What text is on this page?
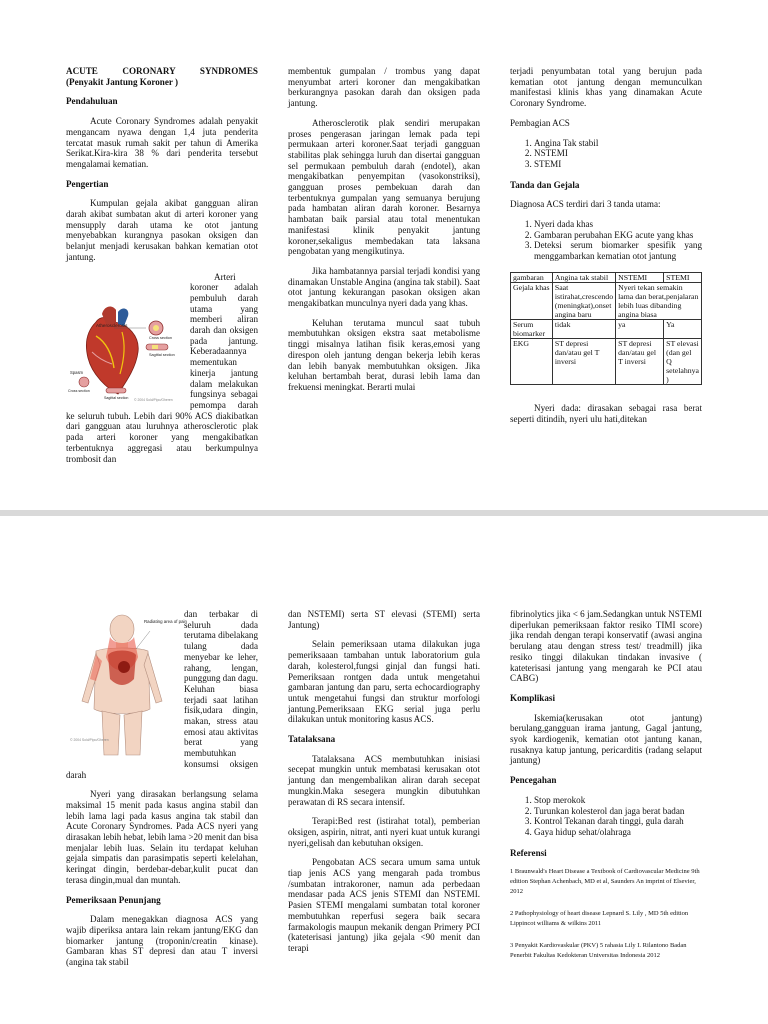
ACUTE CORONARY SYNDROMES
(Penyakit Jantung Koroner )
Pendahuluan

Acute Coronary Syndromes adalah penyakit mengancam nyawa dengan 1,4 juta penderita tercatat masuk rumah sakit per tahun di Amerika Serikat.Kira-kira 38 % dari penderita tersebut mengalamai kematian.

Pengertian

Kumpulan gejala akibat gangguan aliran darah akibat sumbatan akut di arteri koroner yang mensupply darah utama ke otot jantung menyebabkan kurangnya pasokan oksigen dan belanjut menjadi kerusakan bahkan kematian otot jantung.

Atherosclerosis
Cross section
Sagittal section
Spasm
Cross section
Sagittal section © 2004 Sold/Pipo/Gheren

Arteri koroner adalah pembuluh darah utama yang memberi aliran darah dan oksigen pada jantung. Keberadaannya mementukan kinerja jantung dalam melakukan fungsinya sebagai pemompa darah ke seluruh tubuh. Lebih dari 90% ACS diakibatkan dari gangguan atau luruhnya atherosclerotic plak pada arteri koroner yang mengakibatkan terbentuknya aggregasi atau berkumpulnya trombosit dan

membentuk gumpalan / trombus yang dapat menyumbat arteri koroner dan mengakibatkan berkurangnya pasokan darah dan oksigen pada jantung.

Atherosclerotik plak sendiri merupakan proses pengerasan jaringan lemak pada tepi permukaan arteri koroner.Saat terjadi gangguan stabilitas plak sehingga luruh dan disertai gangguan sel permukaan pembuluh darah (endotel), akan mengakibatkan penyempitan (vasokonstriksi), gangguan proses pembekuan darah dan terbentuknya gumpalan yang semuanya berujung pada hambatan aliran darah koroner. Besarnya hambatan baik parsial atau total menentukan manifestasi klinik penyakit jantung koroner,sekaligus membedakan tata laksana pengobatan yang mengikutinya.

Jika hambatannya parsial terjadi kondisi yang dinamakan Unstable Angina (angina tak stabil). Saat otot jantung kekurangan pasokan oksigen akan mengakibatkan munculnya nyeri dada yang khas.

Keluhan terutama muncul saat tubuh membutuhkan oksigen ekstra saat metabolisme tinggi misalnya latihan fisik keras,emosi yang direspon oleh jantung dengan bekerja lebih keras dan lebih banyak membutuhkan oksigen. Jika keluhan bertambah berat, durasi lebih lama dan frekuensi meningkat. Berarti mulai

terjadi penyumbatan total yang berujun pada kematian otot jantung dengan memunculkan manifestasi klinis khas yang dinamakan Acute Coronary Syndrome.

Pembagian ACS

1. Angina Tak stabil
2. NSTEMI
3. STEMI
Tanda dan Gejala

Diagnosa ACS terdiri dari 3 tanda utama:

1. Nyeri dada khas
2. Gambaran perubahan EKG acute yang khas
3. Deteksi serum biomarker spesifik yang menggambarkan kematian otot jantung
gambaran	Angina tak stabil	NSTEMI	STEMI
Gejala khas	Saat istirahat,crescendo (meningkat),onset angina baru	Nyeri tekan semakin lama dan berat,penjalaran lebih luas dibanding angina biasa	
Serum biomarker	tidak	ya	Ya
EKG	ST depresi dan/atau gel T inversi	ST depresi dan/atau gel T inversi	ST elevasi (dan gel Q setelahnya )

Nyeri dada: dirasakan sebagai rasa berat seperti ditindih, nyeri ulu hati,ditekan

Radiating area of pain
© 2004 Sold/Pipo/Gheren

dan terbakar di seluruh dada terutama dibelakang tulang dada menyebar ke leher, rahang, lengan, punggung dan dagu. Keluhan biasa terjadi saat latihan fisik,udara dingin, makan, stress atau emosi atau aktivitas berat yang membutuhkan konsumsi oksigen darah

Nyeri yang dirasakan berlangsung selama maksimal 15 menit pada kasus angina stabil dan lebih lama lagi pada kasus angina tak stabil dan Acute Coronary Syndromes. Pada ACS nyeri yang dirasakan lebih hebat, lebih lama >20 menit dan bisa menjalar lebih luas. Selain itu terdapat keluhan gejala simpatis dan parasimpatis seperti kelelahan, keringat dingin, berdebar-debar,kulit pucat dan terasa dingin,mual dan muntah.

Pemeriksaan Penunjang

Dalam menegakkan diagnosa ACS yang wajib diperiksa antara lain rekam jantung/EKG dan biomarker jantung (troponin/creatin kinase). Gambaran khas ST depresi dan atau T inversi (angina tak stabil

dan NSTEMI) serta ST elevasi (STEMI) serta Jantung)

Selain pemeriksaan utama dilakukan juga pemeriksaaan tambahan untuk laboratorium gula darah, kolesterol,fungsi ginjal dan fungsi hati. Pemeriksaan rontgen dada untuk mengetahui gambaran jantung dan paru, serta echocardiography untuk mengetahui fungsi dan struktur morfologi jantung.Pemeriksaan EKG serial juga perlu dilakukan untuk monitoring kasus ACS.

Tatalaksana

Tatalaksana ACS membutuhkan inisiasi secepat mungkin untuk membatasi kerusakan otot jantung dan mengembalikan aliran darah secepat mungkin.Maka sesegera mungkin dibutuhkan perawatan di RS secara intensif.

Terapi:Bed rest (istirahat total), pemberian oksigen, aspirin, nitrat, anti nyeri kuat untuk kurangi nyeri,gelisah dan kebutuhan oksigen.

Pengobatan ACS secara umum sama untuk tiap jenis ACS yang mengarah pada trombus /sumbatan intrakoroner, namun ada perbedaan mendasar pada ACS jenis STEMI dan NSTEMI. Pasien STEMI mengalami sumbatan total koroner membutuhkan reperfusi segera baik secara farmakologis maupun mekanik dengan Primery PCI (kateterisasi jantung) jika gejala <90 menit dan terapi

fibrinolytics jika < 6 jam.Sedangkan untuk NSTEMI diperlukan pemeriksaan faktor resiko TIMI score) jika rendah dengan terapi konservatif (awasi angina berulang atau dengan stress test/ treadmill) jika resiko tinggi dilakukan tindakan invasive ( kateterisasi jantung yang mengarah ke PCI atau CABG)

Komplikasi

Iskemia(kerusakan otot jantung) berulang,gangguan irama jantung, Gagal jantung, syok kardiogenik, kematian otot jantung kanan, rusaknya katup jantung, pericarditis (radang selaput jantung)

Pencegahan
1. Stop merokok
2. Turunkan kolesterol dan jaga berat badan
3. Kontrol Tekanan darah tinggi, gula darah
4. Gaya hidup sehat/olahraga
Referensi

1 Braunwald's Heart Disease a Textbook of Cardiovascular Medicine 9th edition Stephan Achenbach, MD et al, Saunders An imprint of Elsevier, 2012

2 Pathophysiology of heart disease Lepnard S. Lily , MD 5th edition Lippincot williams & wilkins 2011

3 Penyakit Kardiovaskular (PKV) 5 rahasia Lily I. Rilantono Badan Penerbit Fakultas Kedokteran Universitas Indonesia 2012
